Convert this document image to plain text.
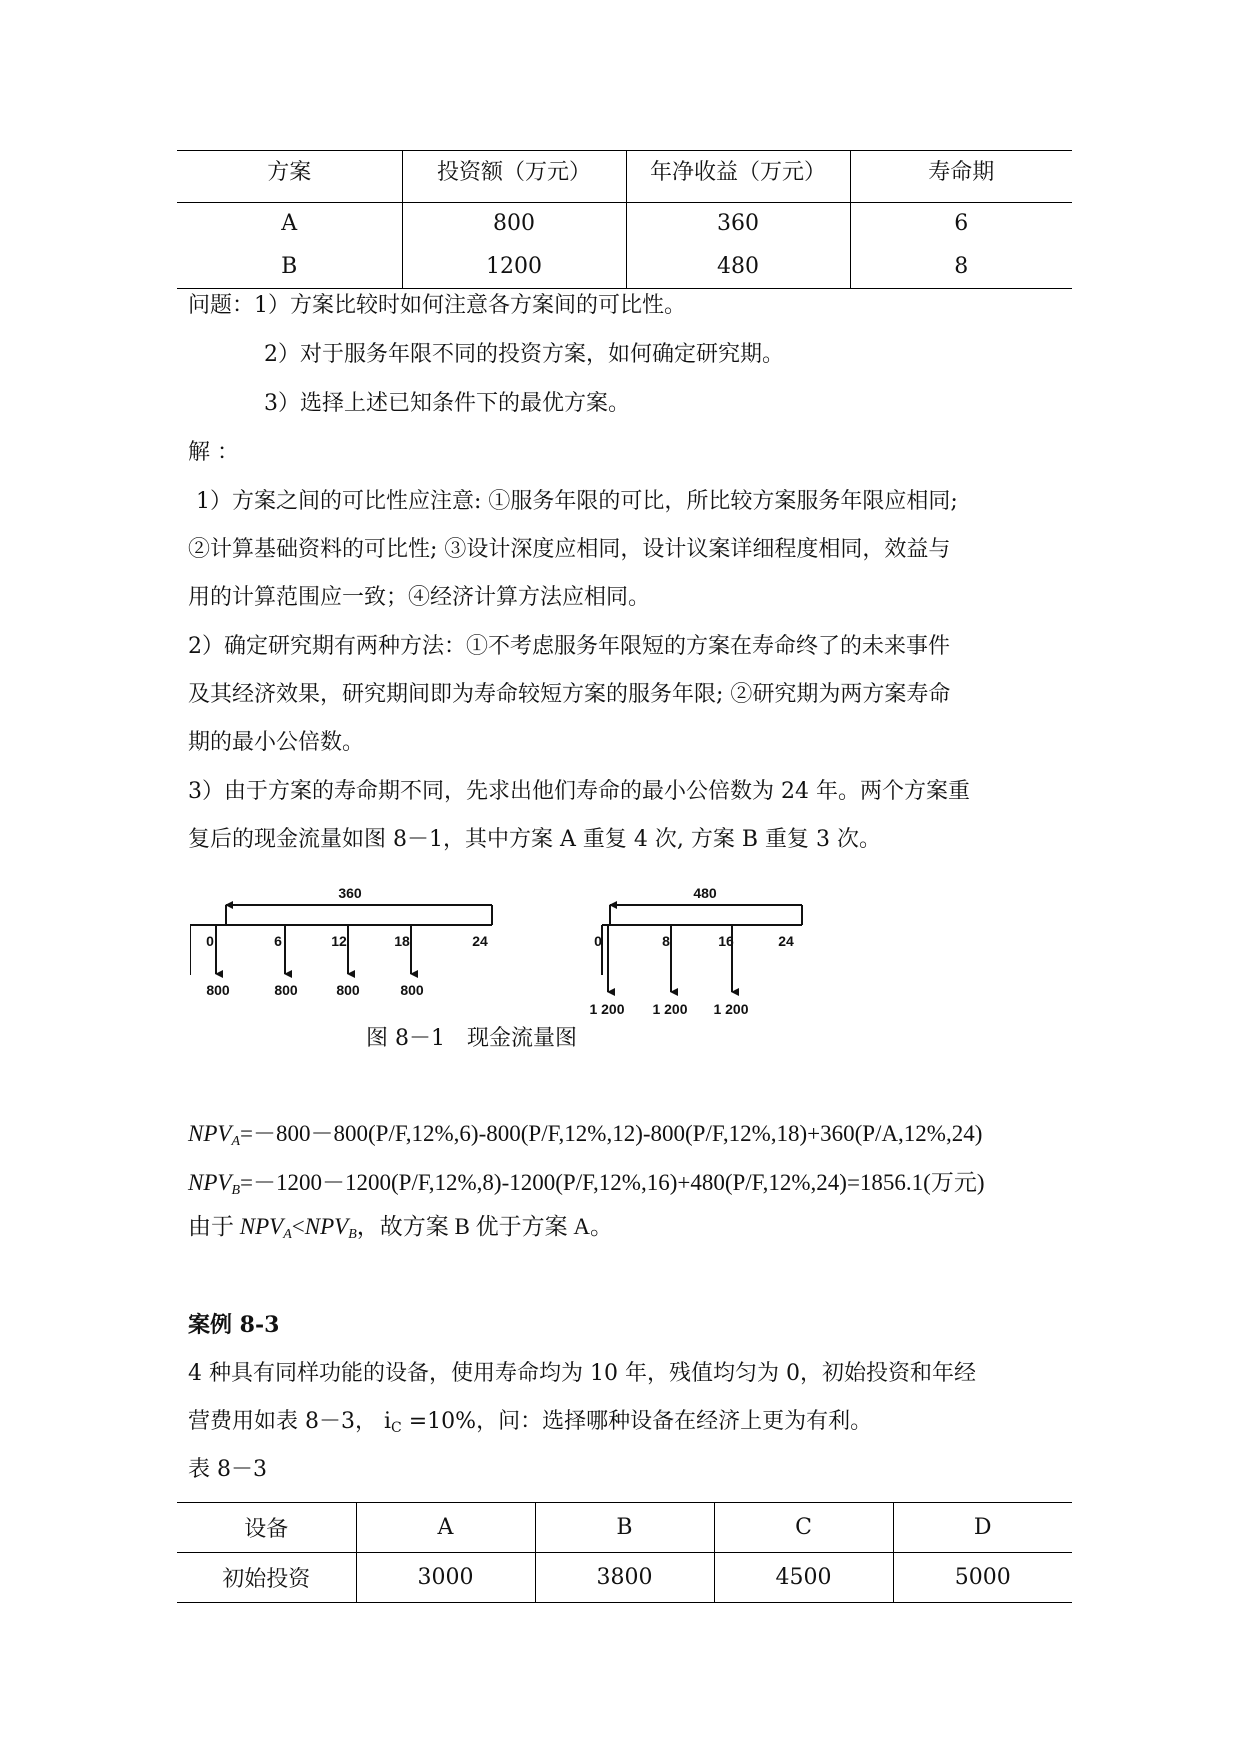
方案	投资额（万元）	年净收益（万元）	寿命期
A	800	360	6
B	1200	480	8
问题：1）方案比较时如何注意各方案间的可比性。
2）对于服务年限不同的投资方案，如何确定研究期。
3）选择上述已知条件下的最优方案。
解 ：
1）方案之间的可比性应注意: ①服务年限的可比，所比较方案服务年限应相同;
②计算基础资料的可比性; ③设计深度应相同，设计议案详细程度相同，效益与
用的计算范围应一致；④经济计算方法应相同。
2）确定研究期有两种方法：①不考虑服务年限短的方案在寿命终了的未来事件
及其经济效果，研究期间即为寿命较短方案的服务年限; ②研究期为两方案寿命
期的最小公倍数。
3）由于方案的寿命期不同，先求出他们寿命的最小公倍数为 24 年。两个方案重
复后的现金流量如图 8－1，其中方案 A 重复 4 次, 方案 B 重复 3 次。
360
0	6	12	18	24
800	800	800	800
480
0	8	16	24
1 200 1 200 1 200
图 8－1　现金流量图
$NPV_A=-800-800(P/F,12\%,6)-800(P/F,12\%,12)-800(P/F,12\%,18)+360(P/A,12\%,24)$
$NPV_B=-1200-1200(P/F,12\%,8)-1200(P/F,12\%,16)+480(P/F,12\%,24)=1856.1$(万元)
由于 $NPV_A<NPV_B$，故方案 B 优于方案 A。
案例 8-3
4 种具有同样功能的设备，使用寿命均为 10 年，残值均匀为 0，初始投资和年经
营费用如表 8－3， $i_C =10\%$，问：选择哪种设备在经济上更为有利。
表 8－3
设备	A	B	C	D
初始投资	3000	3800	4500	5000
